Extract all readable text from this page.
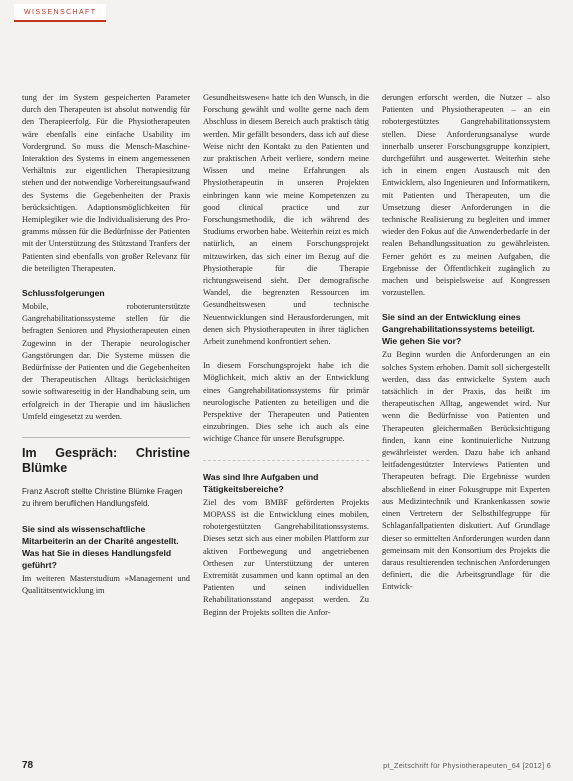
WISSENSCHAFT

tung der im System gespeicherten Parameter durch den Therapeuten ist absolut notwendig für den Therapieerfolg. Für die Physiotherapeuten wäre ebenfalls eine einfache Usability im Vordergrund. So muss die Mensch-Maschine-Interaktion des Systems in einem angemessenen Verhältnis zur eigentlichen Therapiesitzung stehen und der notwendige Vorbereitungsaufwand des Systems die Gegebenheiten der Praxis berücksichtigen. Adaptionsmöglichkeiten für Hemiplegiker wie die Individualisierung des Programms müssen für die Bedürfnisse der Patienten mit der Unterstützung des Stützstand Tranfers der Patienten sind ebenfalls von großer Relevanz für die beteiligten Therapeuten.

Schlussfolgerungen

Mobile, roboterunterstützte Gangrehabilitationssysteme stellen für die befragten Senioren und Physiotherapeuten einen Zugewinn in der Therapie neurologischer Gangstörungen dar. Die Systeme müssen die Bedürfnisse der Patienten und die Gegebenheiten der Therapeutischen Alltags berücksichtigen sowie softwareseitig in der Handhabung sein, um erfolgreich in der Therapie und im häuslichen Umfeld eingesetzt zu werden.

Im Gespräch: Christine Blümke
Franz Ascroft stellte Christine Blümke Fragen zu ihrem beruflichen Handlungsfeld.
Sie sind als wissenschaftliche Mitarbeiterin an der Charité angestellt. Was hat Sie in dieses Handlungsfeld geführt?

Im weiteren Masterstudium »Management und Qualitätsentwicklung im

Gesundheitswesen« hatte ich den Wunsch, in die Forschung gewählt und wollte gerne nach dem Abschluss in diesem Bereich auch praktisch tätig werden. Mir gefällt besonders, dass ich auf diese Weise nicht den Kontakt zu den Patienten und zur praktischen Arbeit verliere, sondern meine Wissen und meine Erfahrungen als Physiotherapeutin in unseren Projekten einbringen kann wie meine Kompetenzen zu good clinical practice und zur Forschungsmethodik, die ich während des Studiums erworben habe. Weiterhin reizt es mich natürlich, an einem Forschungsprojekt mitzuwirken, das sich einer im Bezug auf die Physiotherapie für die Therapie richtungsweisend sieht. Der demografische Wandel, die begrenzten Ressourcen im Gesundheitswesen und technische Neuentwicklungen sind Herausforderungen, mit denen sich Physiotherapeuten in ihrer täglichen Arbeit zunehmend konfrontiert sehen.

In diesem Forschungsprojekt habe ich die Möglichkeit, mich aktiv an der Entwicklung eines Gangrehabilitationssystems für primär neurologische Patienten zu beteiligen und die Perspektive der Therapeuten und Patienten einzubringen. Dies sehe ich auch als eine wichtige Chance für unsere Berufsgruppe.

Was sind Ihre Aufgaben und Tätigkeitsbereiche?

Ziel des vom BMBF geförderten Projekts MOPASS ist die Entwicklung eines mobilen, robotergestützten Gangrehabilitationssystems. Dieses setzt sich aus einer mobilen Plattform zur aktiven Fortbewegung und angetriebenen Orthesen zur Unterstützung der unteren Extremität zusammen und kann optimal an den Patienten und seinen individuellen Rehabilitationsstand angepasst werden. Zu Beginn der Projekts sollten die Anfor-

derungen erforscht werden, die Nutzer – also Patienten und Physiotherapeuten – an ein robotergestütztes Gangrehabilitationssystem stellen. Diese Anforderungsanalyse wurde innerhalb unserer Forschungsgruppe konzipiert, durchgeführt und ausgewertet. Weiterhin stehe ich in einem engen Austausch mit den Entwicklern, also Ingenieuren und Informatikern, mit Patienten und Therapeuten, um die Umsetzung dieser Anforderungen in die technische Realisierung zu begleiten und immer wieder den Fokus auf die Anwenderbedarfe in der realen Behandlungssituation zu gewährleisten. Ferner gehört es zu meinen Aufgaben, die Ergebnisse der Öffentlichkeit zugänglich zu machen und beispielsweise auf Kongressen vorzustellen.

Sie sind an der Entwicklung eines Gangrehabilitationssystems beteiligt. Wie gehen Sie vor?

Zu Beginn wurden die Anforderungen an ein solches System erhoben. Damit soll sichergestellt werden, dass das entwickelte System auch tatsächlich in der Praxis, das heißt im therapeutischen Alltag, angewendet wird. Nur wenn die Bedürfnisse von Patienten und Therapeuten gleichermaßen Berücksichtigung finden, kann eine kontinuierliche Nutzung gewährleistet werden. Dazu habe ich anhand leitfadengestützter Interviews Patienten und Therapeuten befragt. Die Ergebnisse wurden abschließend in einer Fokusgruppe mit Experten aus Medizintechnik und Krankenkassen sowie einen Vertretern der Selbsthilfegruppe für Schlaganfallpatienten diskutiert. Auf Grundlage dieser so ermittelten Anforderungen wurden dann gemeinsam mit den Konsortium des Projekts die daraus resultierenden technischen Anforderungen definiert, die die Arbeitsgrundlage für die Entwick-

78	pt_Zeitschrift für Physiotherapeuten_64 [2012] 6
